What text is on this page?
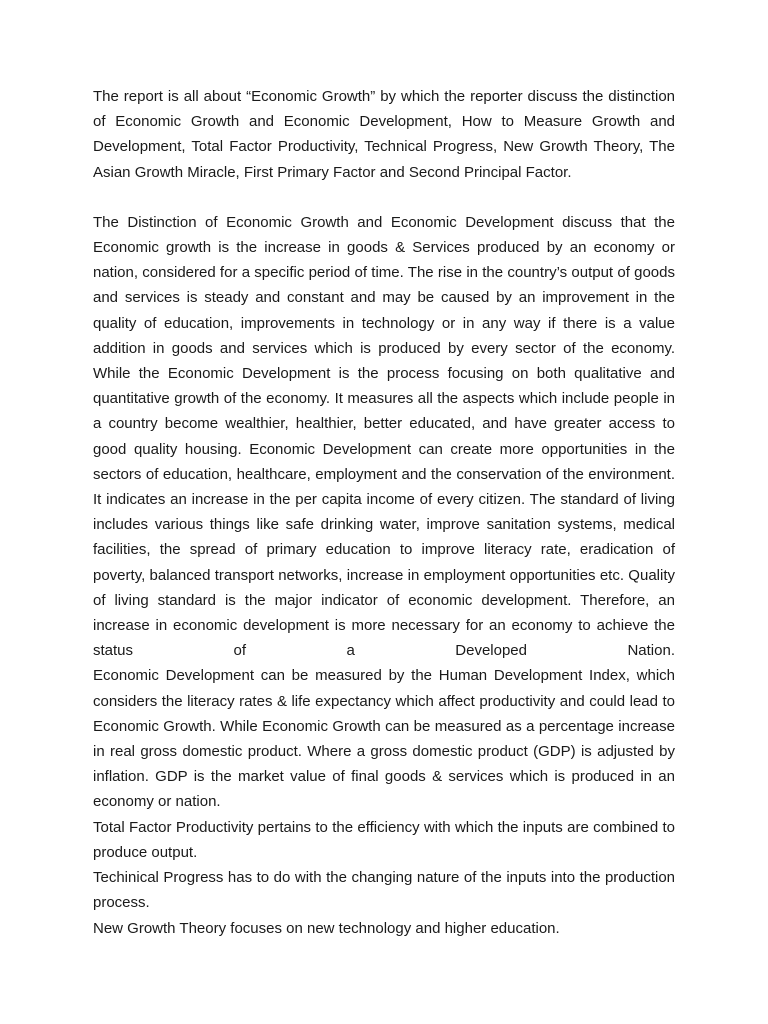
The report is all about “Economic Growth” by which the reporter discuss the distinction of Economic Growth and Economic Development, How to Measure Growth and Development, Total Factor Productivity, Technical Progress, New Growth Theory, The Asian Growth Miracle, First Primary Factor and Second Principal Factor.

The Distinction of Economic Growth and Economic Development discuss that the Economic growth is the increase in goods & Services produced by an economy or nation, considered for a specific period of time. The rise in the country’s output of goods and services is steady and constant and may be caused by an improvement in the quality of education, improvements in technology or in any way if there is a value addition in goods and services which is produced by every sector of the economy. While the Economic Development is the process focusing on both qualitative and quantitative growth of the economy. It measures all the aspects which include people in a country become wealthier, healthier, better educated, and have greater access to good quality housing. Economic Development can create more opportunities in the sectors of education, healthcare, employment and the conservation of the environment. It indicates an increase in the per capita income of every citizen. The standard of living includes various things like safe drinking water, improve sanitation systems, medical facilities, the spread of primary education to improve literacy rate, eradication of poverty, balanced transport networks, increase in employment opportunities etc. Quality of living standard is the major indicator of economic development. Therefore, an increase in economic development is more necessary for an economy to achieve the status of a Developed Nation.

Economic Development can be measured by the Human Development Index, which considers the literacy rates & life expectancy which affect productivity and could lead to Economic Growth. While Economic Growth can be measured as a percentage increase in real gross domestic product. Where a gross domestic product (GDP) is adjusted by inflation. GDP is the market value of final goods & services which is produced in an economy or nation.

Total Factor Productivity pertains to the efficiency with which the inputs are combined to produce output.

Techinical Progress has to do with the changing nature of the inputs into the production process.

New Growth Theory focuses on new technology and higher education.
